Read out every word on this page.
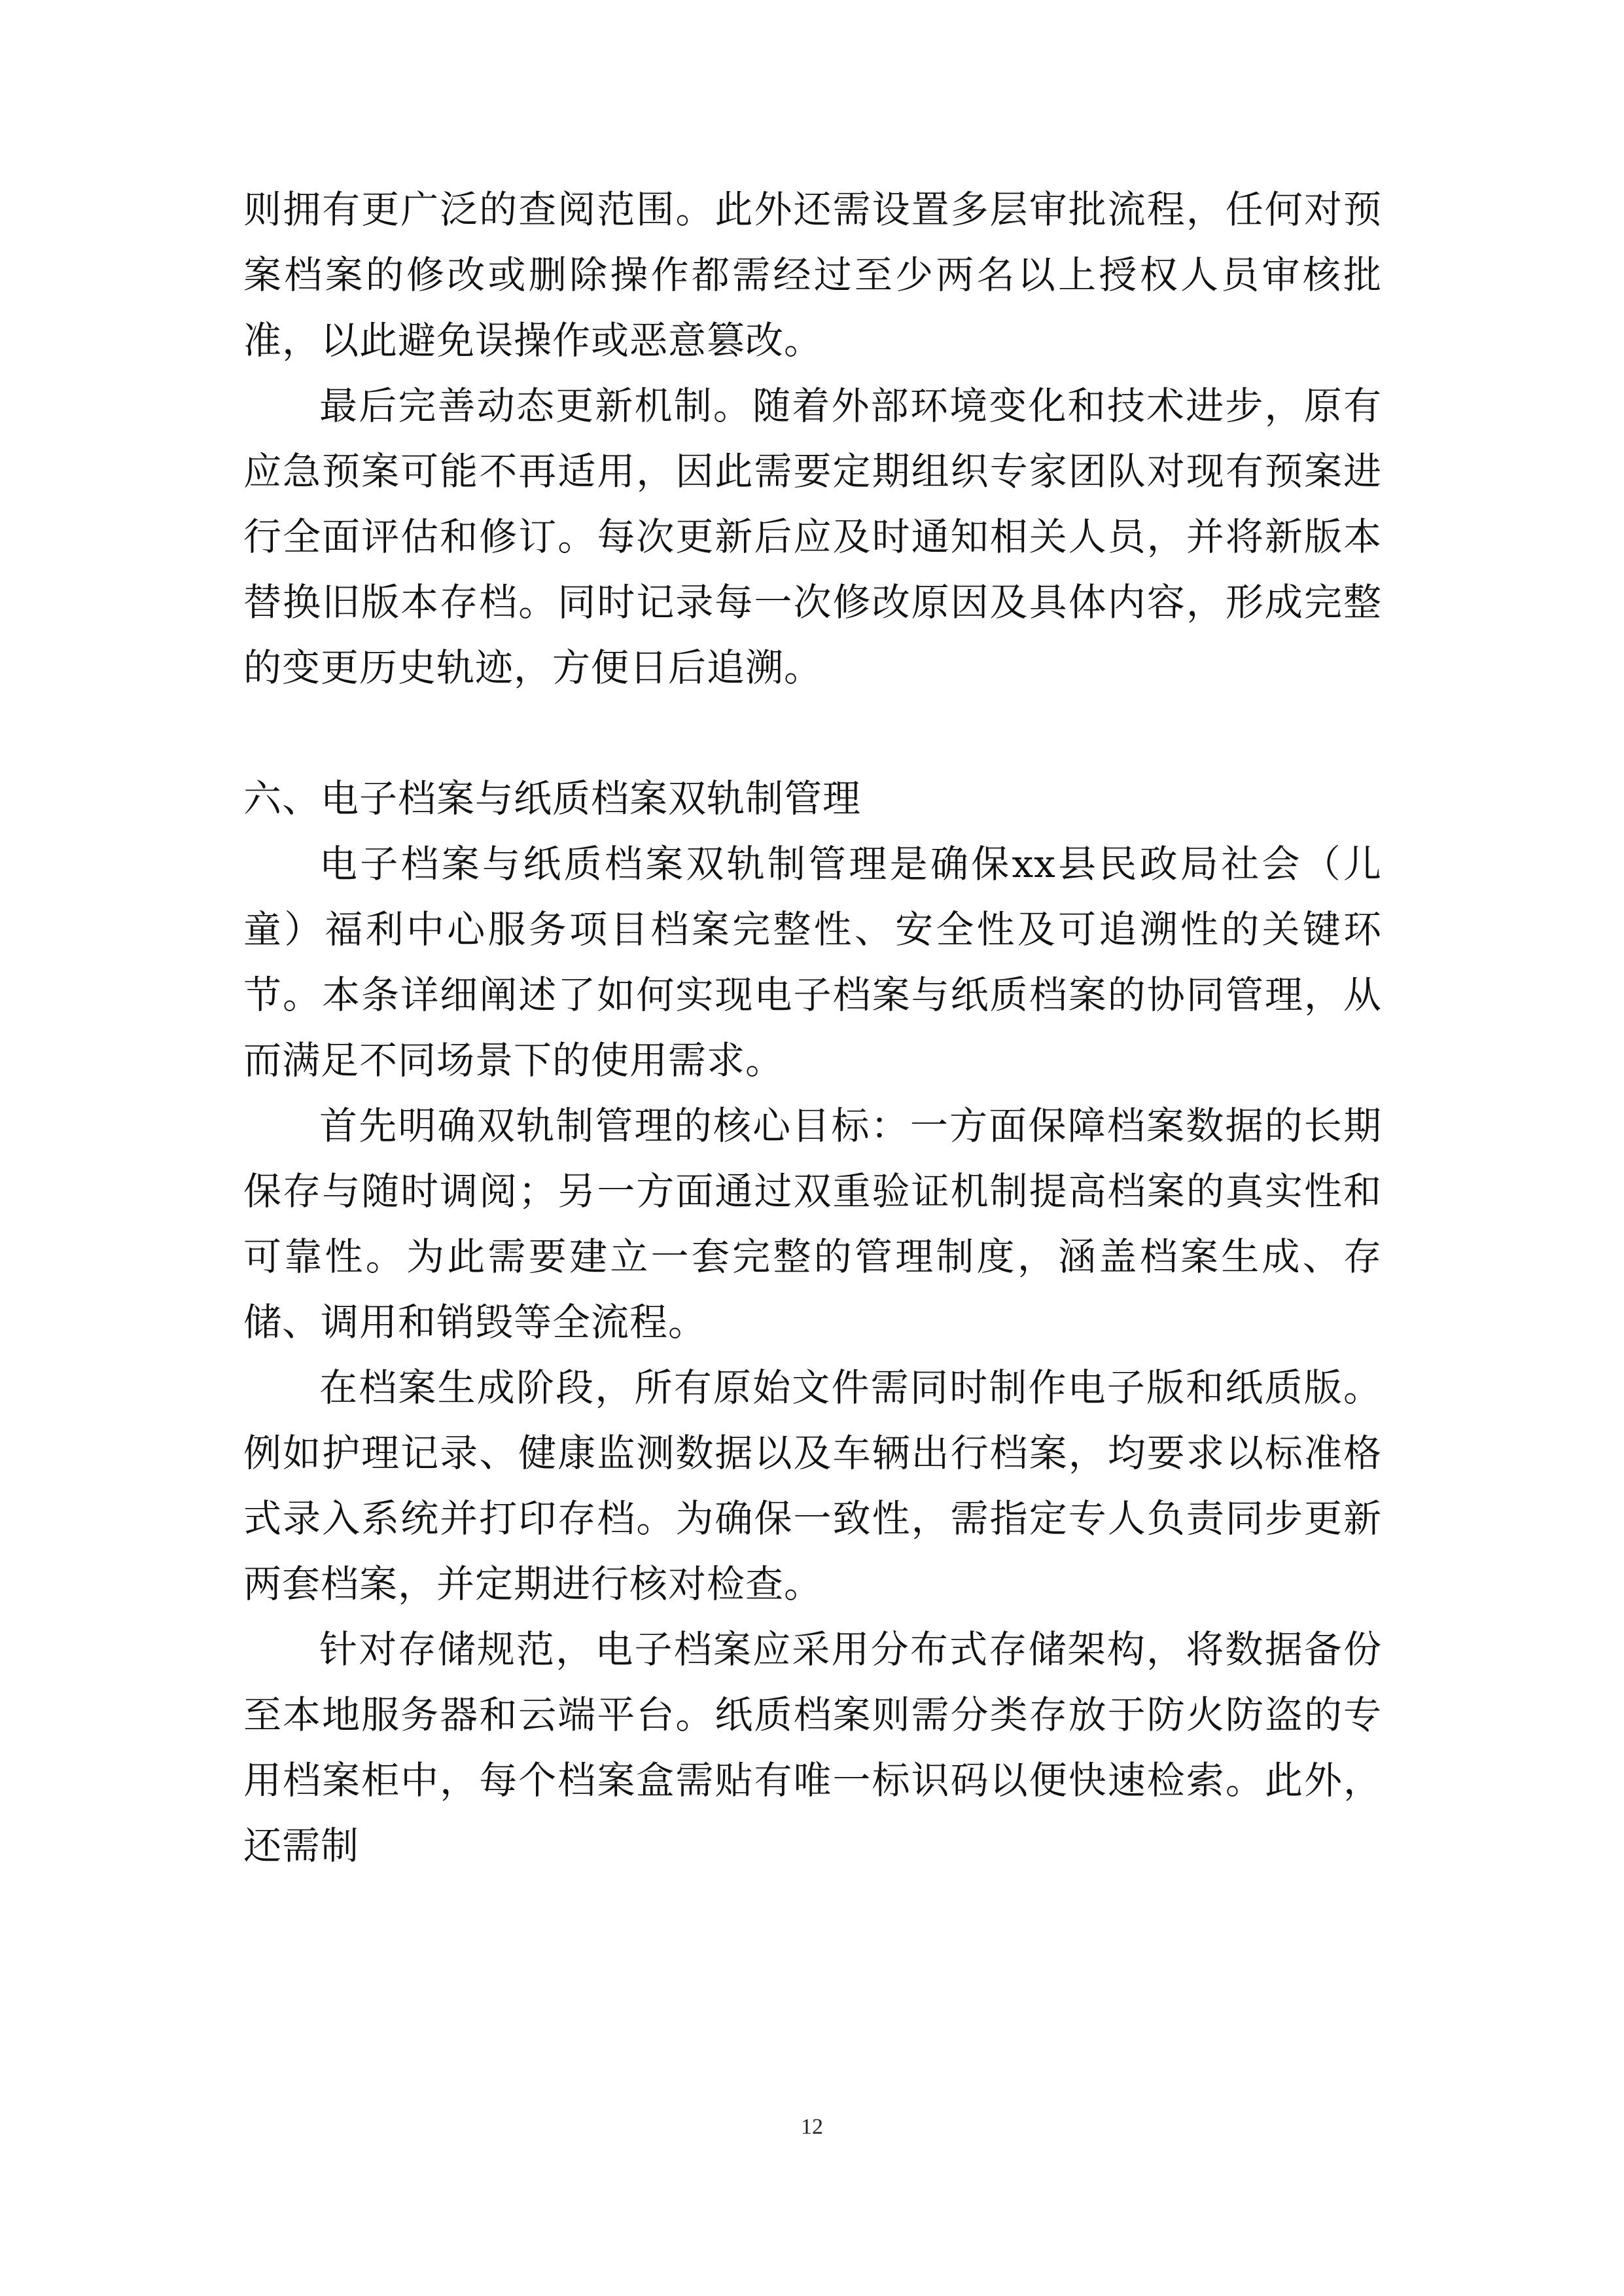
则拥有更广泛的查阅范围。此外还需设置多层审批流程，任何对预案档案的修改或删除操作都需经过至少两名以上授权人员审核批准，以此避免误操作或恶意篡改。

最后完善动态更新机制。随着外部环境变化和技术进步，原有应急预案可能不再适用，因此需要定期组织专家团队对现有预案进行全面评估和修订。每次更新后应及时通知相关人员，并将新版本替换旧版本存档。同时记录每一次修改原因及具体内容，形成完整的变更历史轨迹，方便日后追溯。

六、电子档案与纸质档案双轨制管理

电子档案与纸质档案双轨制管理是确保xx县民政局社会（儿童）福利中心服务项目档案完整性、安全性及可追溯性的关键环节。本条详细阐述了如何实现电子档案与纸质档案的协同管理，从而满足不同场景下的使用需求。

首先明确双轨制管理的核心目标：一方面保障档案数据的长期保存与随时调阅；另一方面通过双重验证机制提高档案的真实性和可靠性。为此需要建立一套完整的管理制度，涵盖档案生成、存储、调用和销毁等全流程。

在档案生成阶段，所有原始文件需同时制作电子版和纸质版。例如护理记录、健康监测数据以及车辆出行档案，均要求以标准格式录入系统并打印存档。为确保一致性，需指定专人负责同步更新两套档案，并定期进行核对检查。

针对存储规范，电子档案应采用分布式存储架构，将数据备份至本地服务器和云端平台。纸质档案则需分类存放于防火防盗的专用档案柜中，每个档案盒需贴有唯一标识码以便快速检索。此外，还需制

12
